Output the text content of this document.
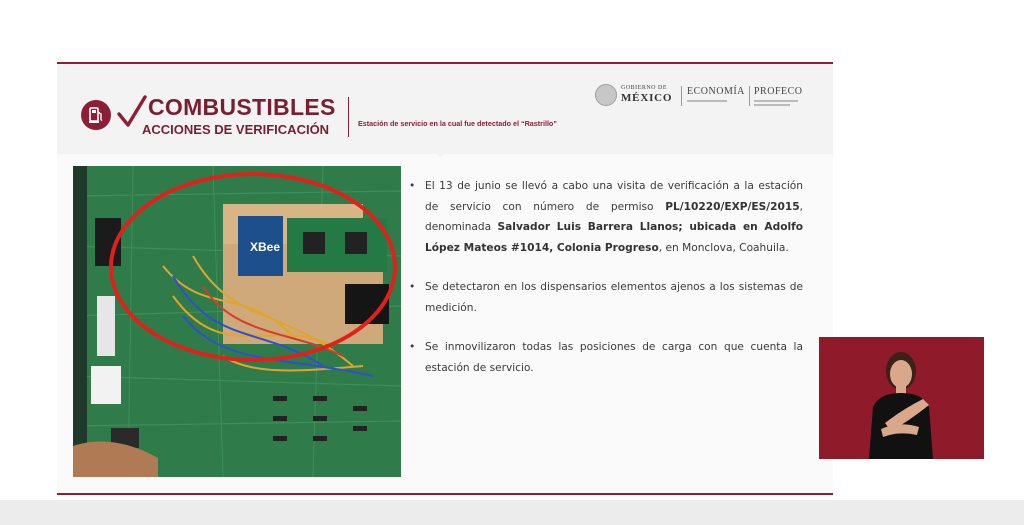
COMBUSTIBLES
ACCIONES DE VERIFICACIÓN	Estación de servicio en la cual fue detectado el “Rastrillo”
GOBIERNO DE
MÉXICO
ECONOMÍA PROFECO
XBee
• El 13 de junio se llevó a cabo una visita de verificación a la estación de servicio con número de permiso PL/10220/EXP/ES/2015, denominada Salvador Luis Barrera Llanos; ubicada en Adolfo López Mateos #1014, Colonia Progreso, en Monclova, Coahuila.
• Se detectaron en los dispensarios elementos ajenos a los sistemas de medición.
• Se inmovilizaron todas las posiciones de carga con que cuenta la estación de servicio.
